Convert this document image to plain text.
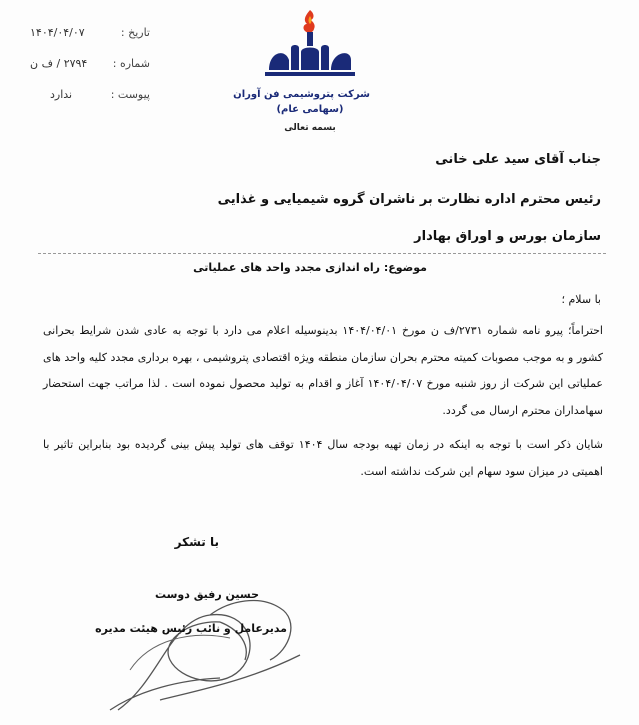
تاریخ :
۱۴۰۴/۰۴/۰۷
شماره :
۲۷۹۴ / ف ن
پیوست :
ندارد	شرکت پتروشیمی فن آوران
(سهامی عام)
بسمه تعالی
جناب آقای سید علی خانی
رئیس محترم اداره نظارت بر ناشران گروه شیمیایی و غذایی
سازمان بورس و اوراق بهادار
موضوع: راه اندازی مجدد واحد های عملیاتی
با سلام ؛
احتراماً؛ پیرو نامه شماره ۲۷۳۱/ف ن مورخ ۱۴۰۴/۰۴/۰۱ بدینوسیله اعلام می دارد با توجه به عادی شدن شرایط بحرانی کشور و به موجب مصوبات کمیته محترم بحران سازمان منطقه ویژه اقتصادی پتروشیمی ، بهره برداری مجدد کلیه واحد های عملیاتی این شرکت از روز شنبه مورخ ۱۴۰۴/۰۴/۰۷ آغاز و اقدام به تولید محصول نموده است . لذا مراتب جهت استحضار سهامداران محترم ارسال می گردد.
شایان ذکر است با توجه به اینکه در زمان تهیه بودجه سال ۱۴۰۴ توقف های تولید پیش بینی گردیده بود بنابراین تاثیر با اهمیتی در میزان سود سهام این شرکت نداشته است.
با تشکر
حسین رفیق دوست
مدیرعامل و نائب رئیس هیئت مدیره
